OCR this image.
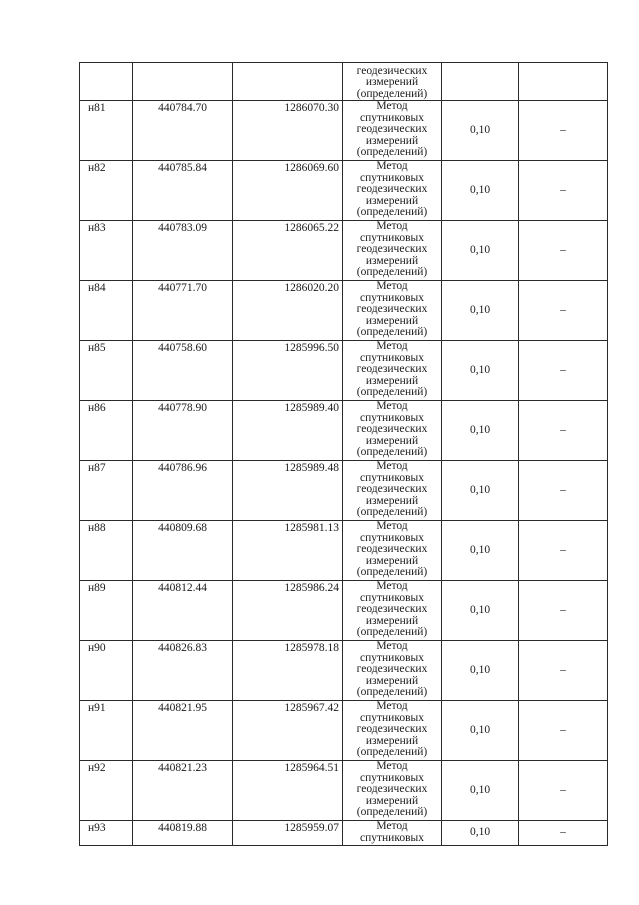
			геодезических
измерений
(определений)		

н81	440784.70	1286070.30	Метод
спутниковых
геодезических
измерений
(определений)	0,10	–
н82	440785.84	1286069.60	Метод
спутниковых
геодезических
измерений
(определений)	0,10	–
н83	440783.09	1286065.22	Метод
спутниковых
геодезических
измерений
(определений)	0,10	–
н84	440771.70	1286020.20	Метод
спутниковых
геодезических
измерений
(определений)	0,10	–
н85	440758.60	1285996.50	Метод
спутниковых
геодезических
измерений
(определений)	0,10	–
н86	440778.90	1285989.40	Метод
спутниковых
геодезических
измерений
(определений)	0,10	–
н87	440786.96	1285989.48	Метод
спутниковых
геодезических
измерений
(определений)	0,10	–
н88	440809.68	1285981.13	Метод
спутниковых
геодезических
измерений
(определений)	0,10	–
н89	440812.44	1285986.24	Метод
спутниковых
геодезических
измерений
(определений)	0,10	–
н90	440826.83	1285978.18	Метод
спутниковых
геодезических
измерений
(определений)	0,10	–
н91	440821.95	1285967.42	Метод
спутниковых
геодезических
измерений
(определений)	0,10	–
н92	440821.23	1285964.51	Метод
спутниковых
геодезических
измерений
(определений)	0,10	–
н93	440819.88	1285959.07	Метод
спутниковых	0,10	–
